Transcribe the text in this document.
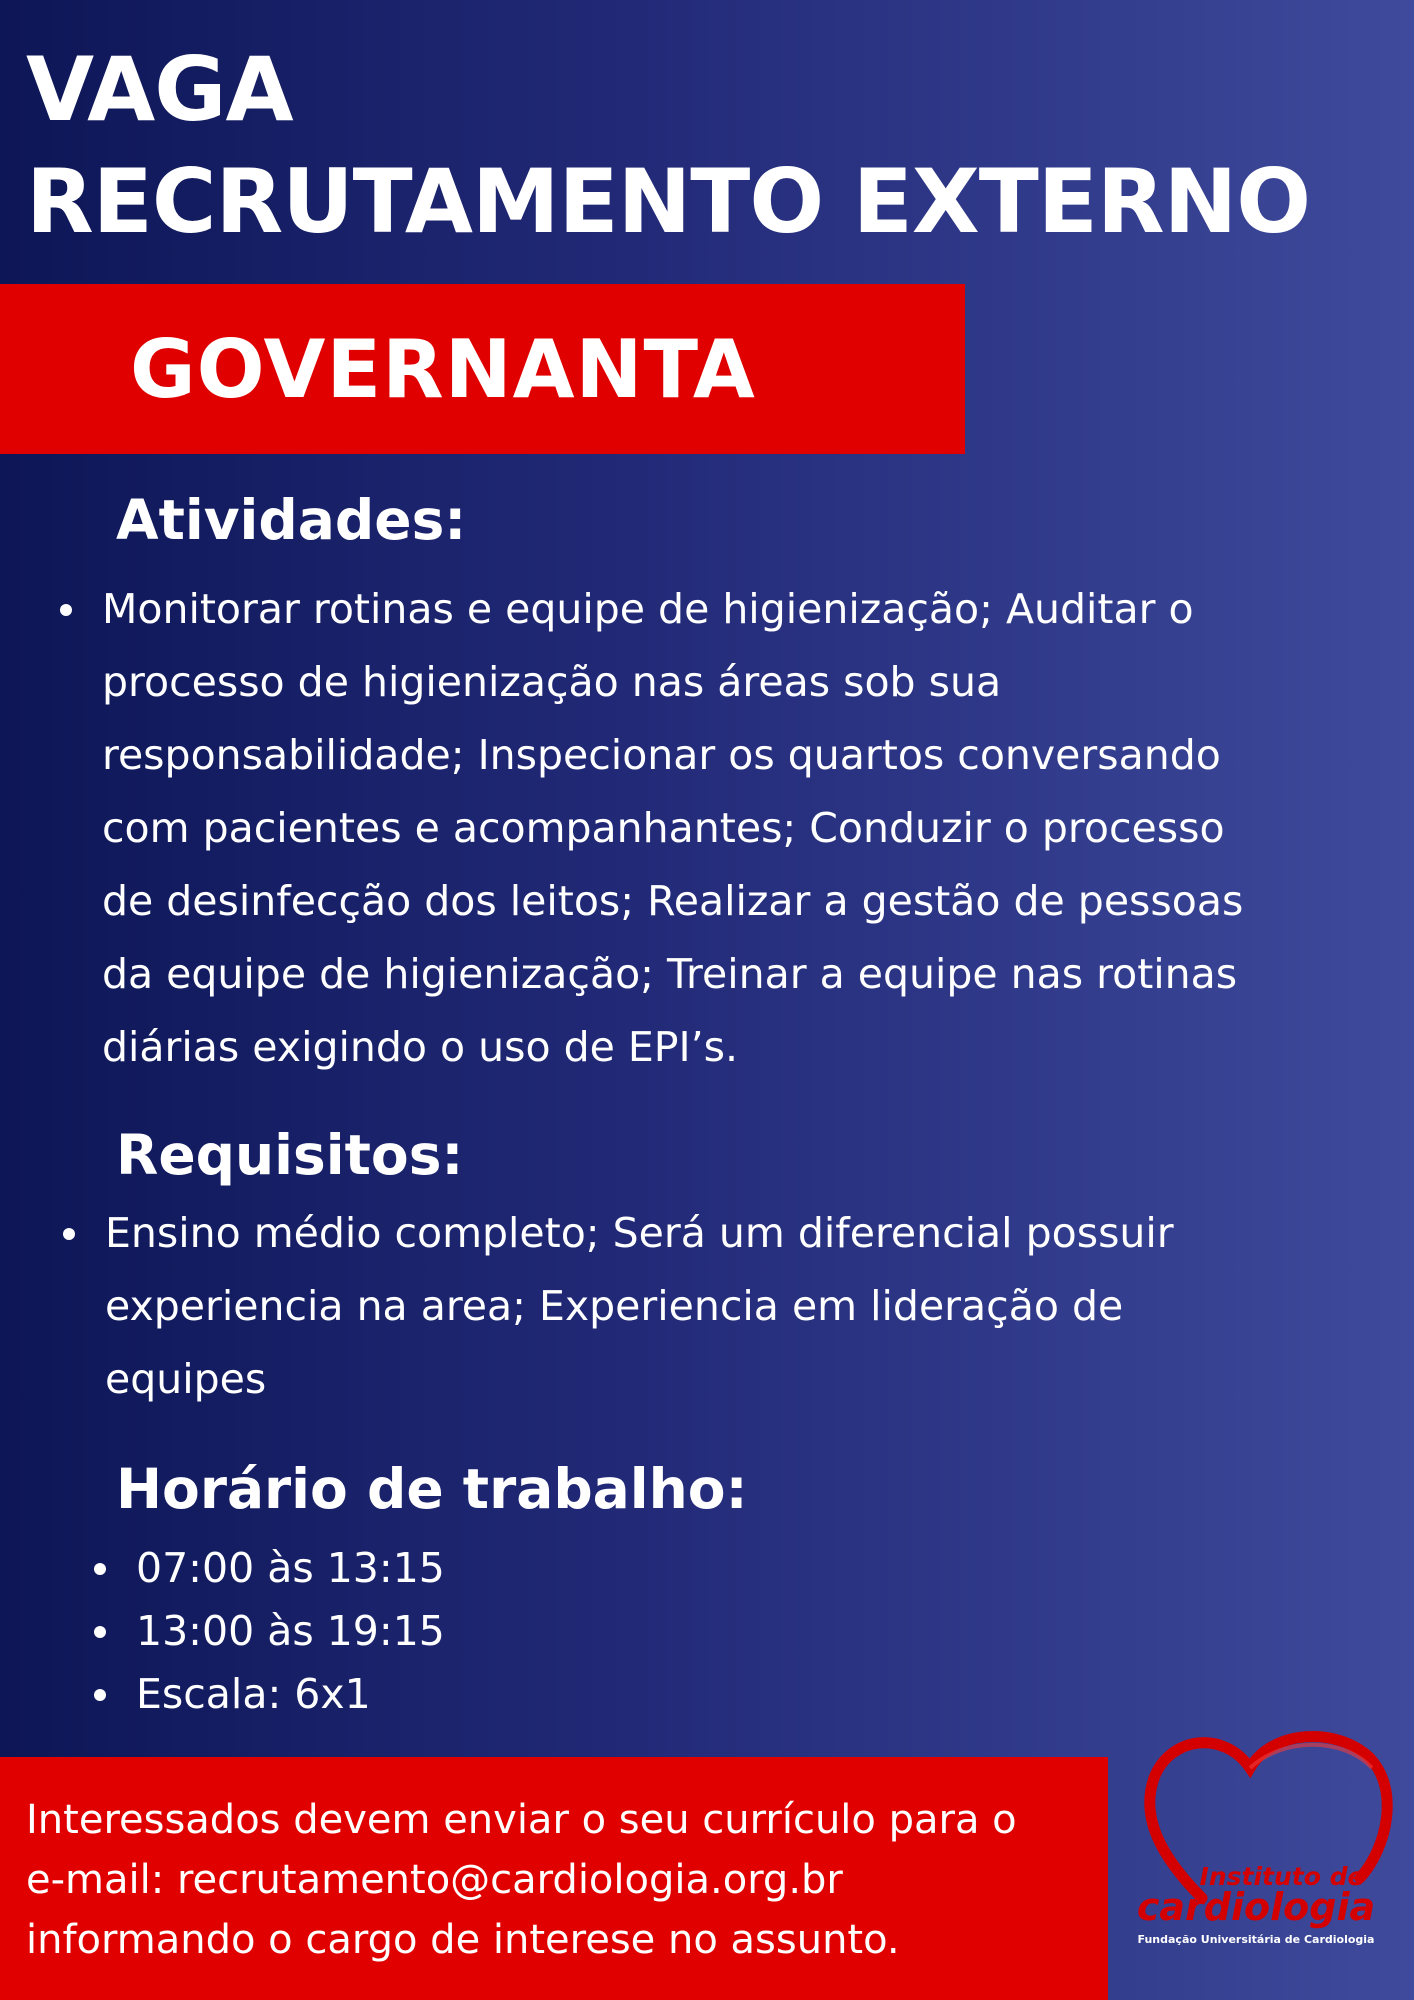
VAGA
RECRUTAMENTO EXTERNO
GOVERNANTA
Atividades:
Monitorar rotinas e equipe de higienização; Auditar o
processo de higienização nas áreas sob sua
responsabilidade; Inspecionar os quartos conversando
com pacientes e acompanhantes; Conduzir o processo
de desinfecção dos leitos; Realizar a gestão de pessoas
da equipe de higienização; Treinar a equipe nas rotinas
diárias exigindo o uso de EPI’s.
Requisitos:
Ensino médio completo; Será um diferencial possuir
experiencia na area; Experiencia em lideração de
equipes
Horário de trabalho:
07:00 às 13:15
13:00 às 19:15
Escala: 6x1
Interessados devem enviar o seu currículo para o
e-mail: recrutamento@cardiologia.org.br
informando o cargo de interese no assunto.
Instituto de
cardiologia
Fundação Universitária de Cardiologia
